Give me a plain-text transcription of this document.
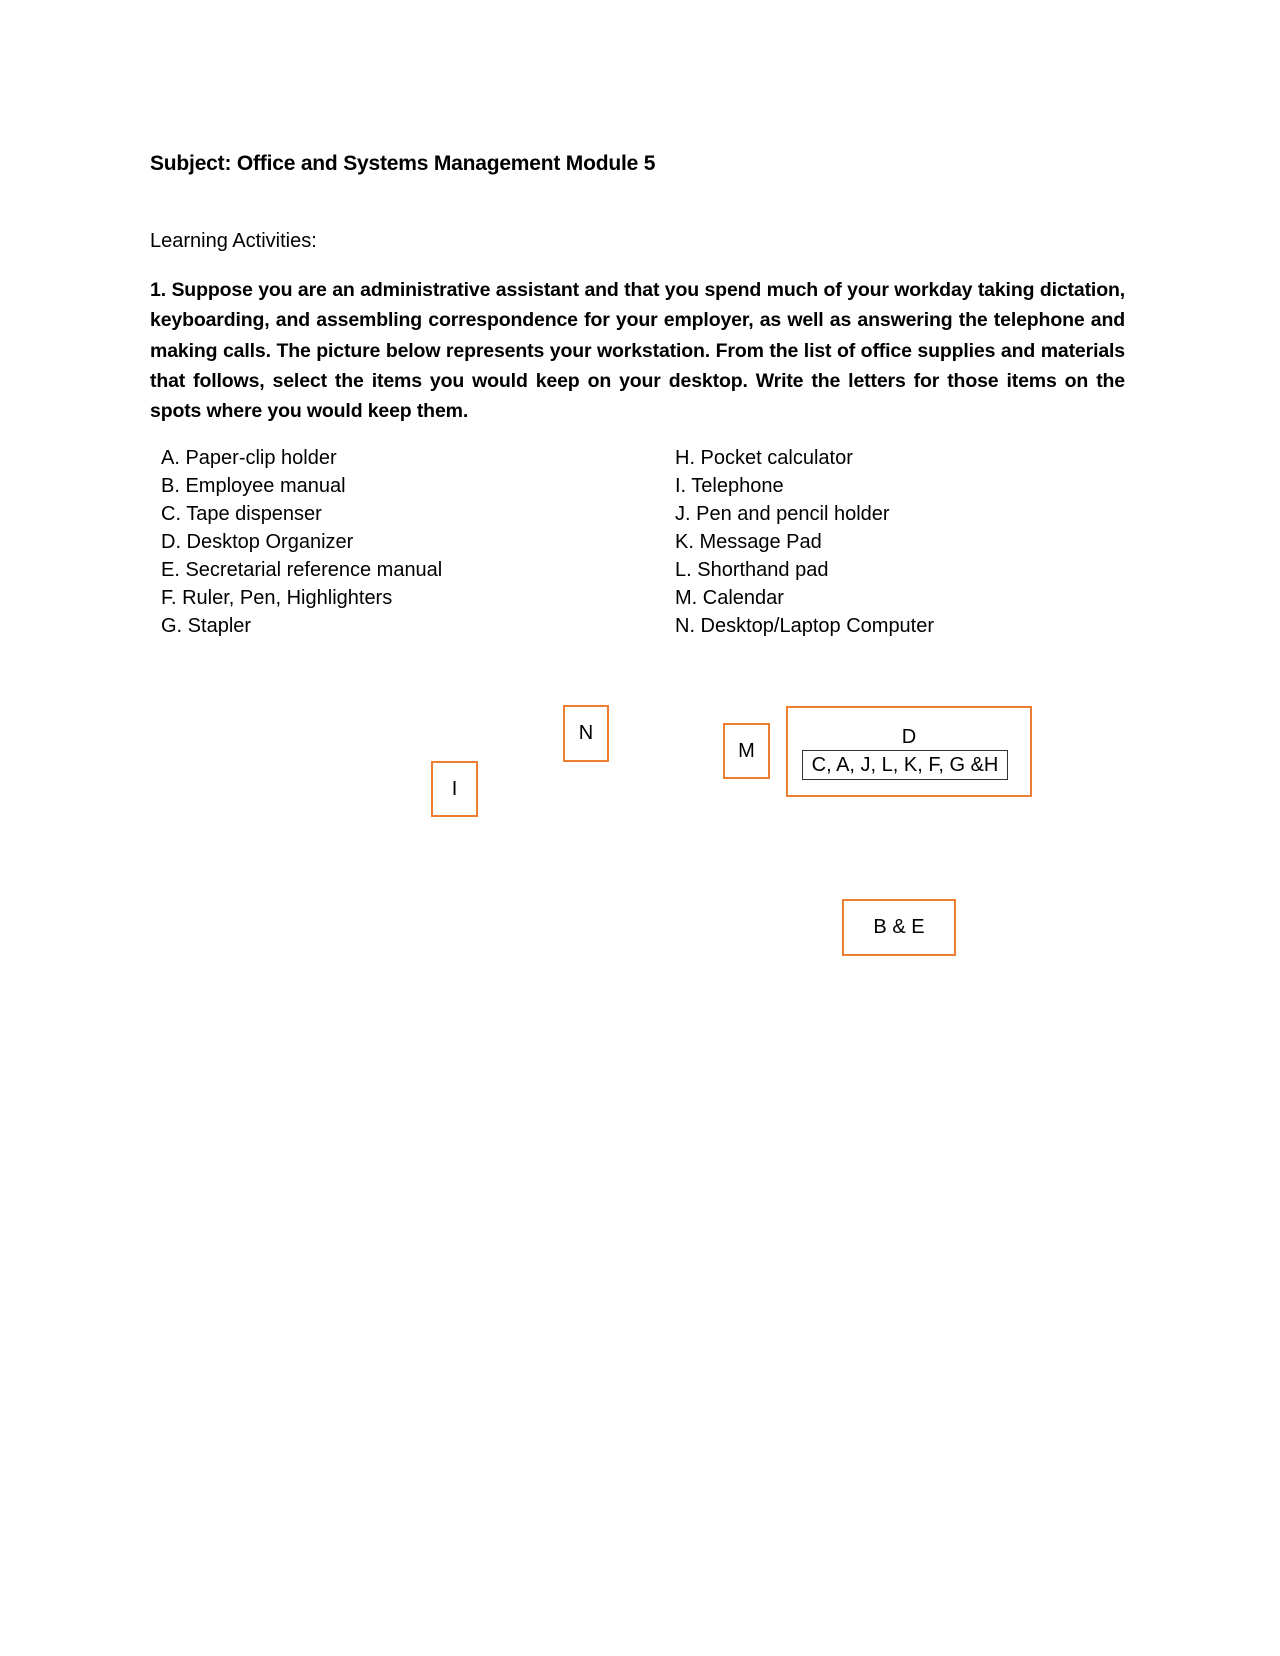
Subject: Office and Systems Management Module 5
Learning Activities:
1. Suppose you are an administrative assistant and that you spend much of your workday taking dictation, keyboarding, and assembling correspondence for your employer, as well as answering the telephone and making calls. The picture below represents your workstation. From the list of office supplies and materials that follows, select the items you would keep on your desktop. Write the letters for those items on the spots where you would keep them.
A. Paper-clip holder
B. Employee manual
C. Tape dispenser
D. Desktop Organizer
E. Secretarial reference manual
F. Ruler, Pen, Highlighters
G. Stapler
H. Pocket calculator
I. Telephone
J. Pen and pencil holder
K. Message Pad
L. Shorthand pad
M. Calendar
N. Desktop/Laptop Computer
N
I
M
D
C, A, J, L, K, F, G &H
B & E
